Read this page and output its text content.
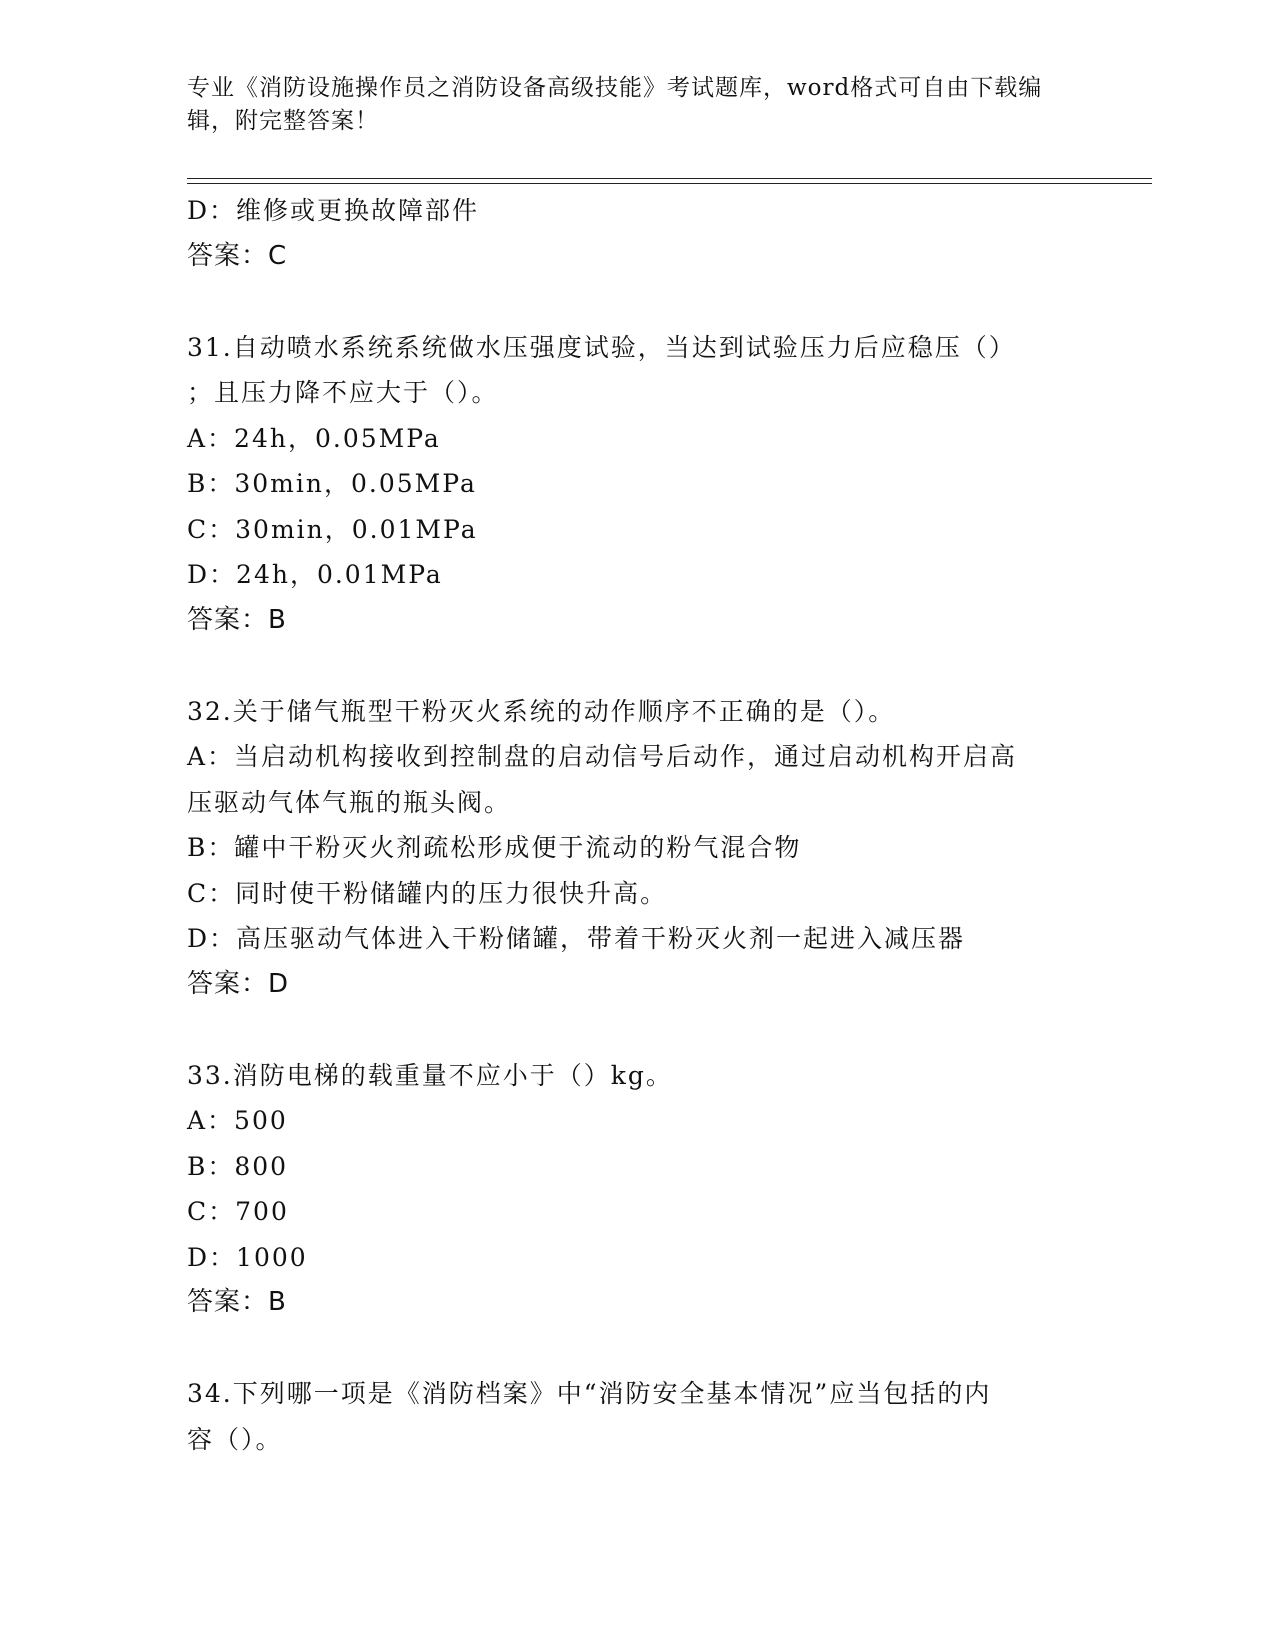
专业《消防设施操作员之消防设备高级技能》考试题库，word格式可自由下载编辑，附完整答案！
D：维修或更换故障部件
答案：C
31.自动喷水系统系统做水压强度试验，当达到试验压力后应稳压（）
；且压力降不应大于（）。
A：24h，0.05MPa
B：30min，0.05MPa
C：30min，0.01MPa
D：24h，0.01MPa
答案：B
32.关于储气瓶型干粉灭火系统的动作顺序不正确的是（）。
A：当启动机构接收到控制盘的启动信号后动作，通过启动机构开启高
压驱动气体气瓶的瓶头阀。
B：罐中干粉灭火剂疏松形成便于流动的粉气混合物
C：同时使干粉储罐内的压力很快升高。
D：高压驱动气体进入干粉储罐，带着干粉灭火剂一起进入减压器
答案：D
33.消防电梯的载重量不应小于（）kg。
A：500
B：800
C：700
D：1000
答案：B
34.下列哪一项是《消防档案》中“消防安全基本情况”应当包括的内
容（）。
